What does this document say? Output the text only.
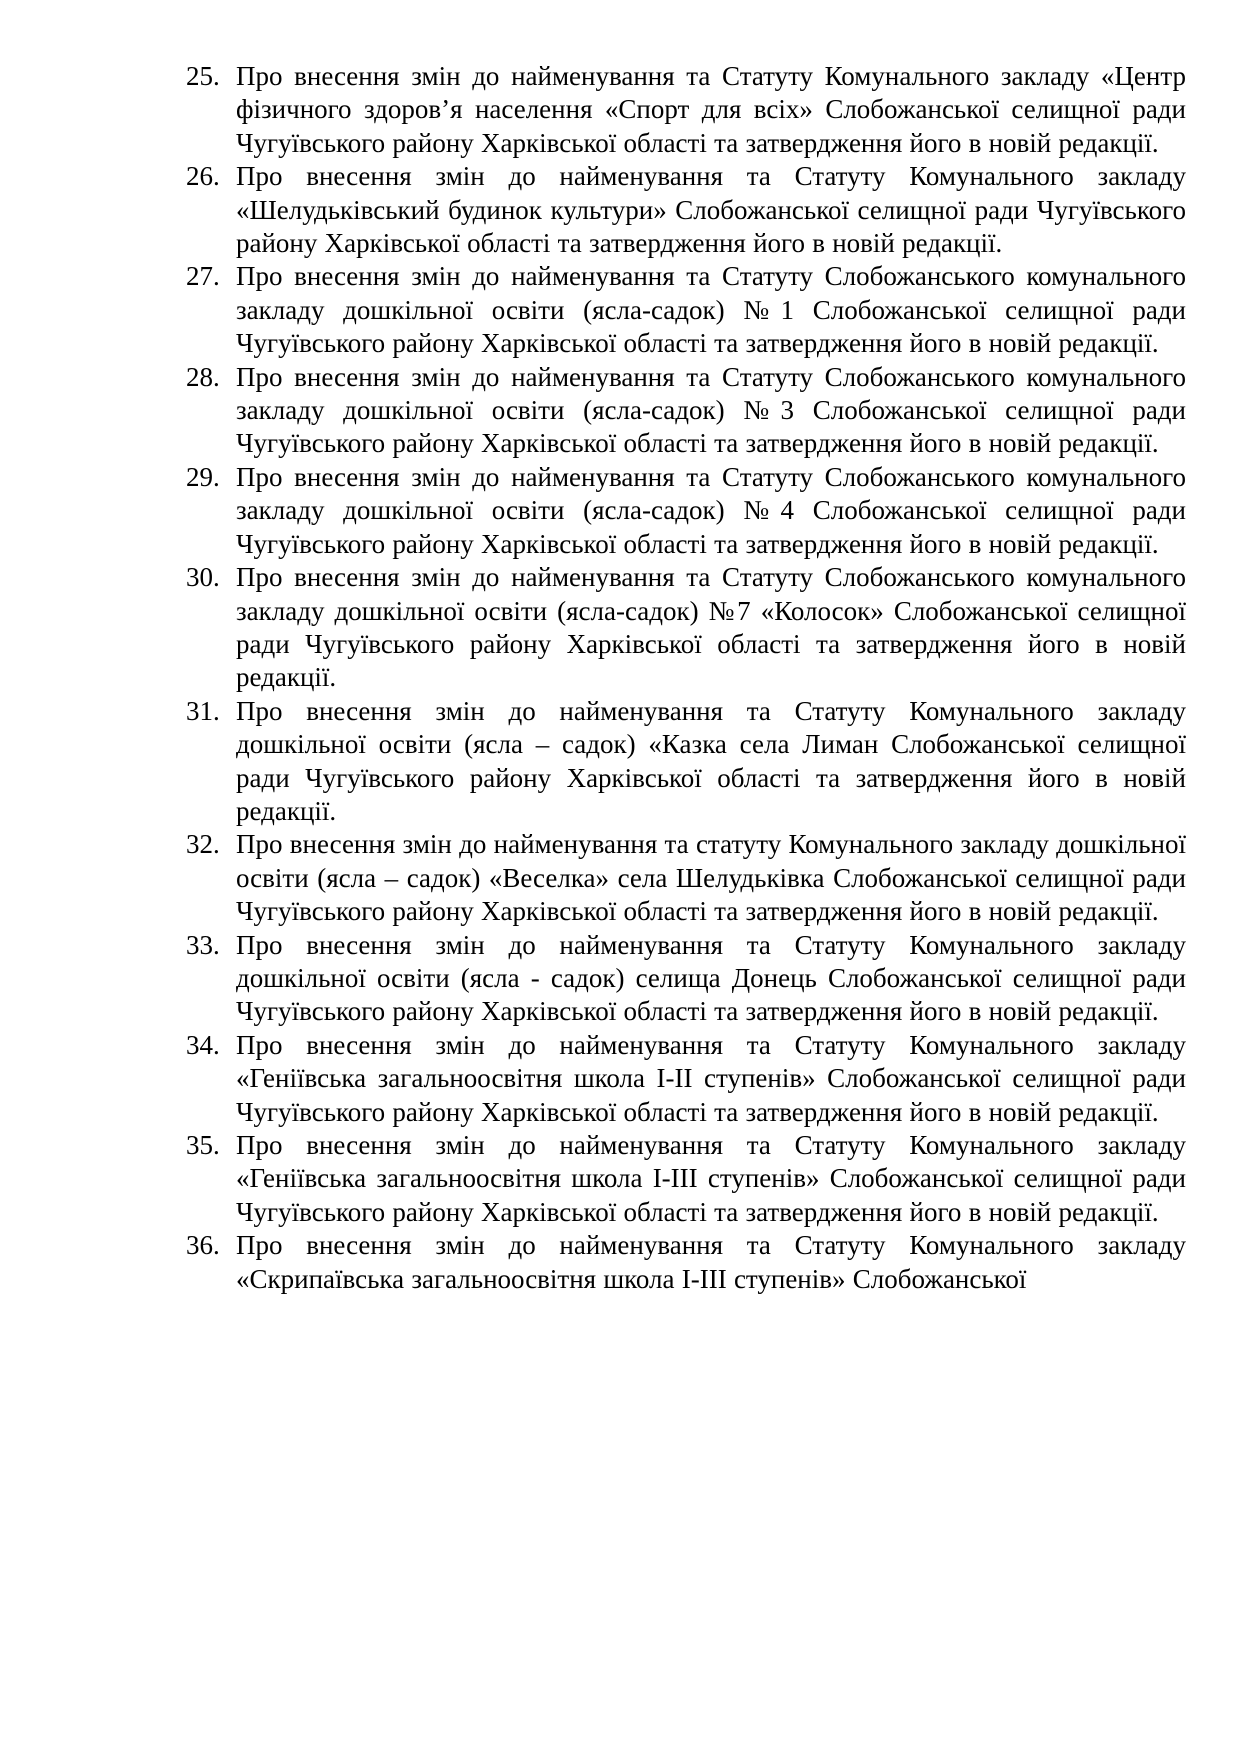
25. Про внесення змін до найменування та Статуту Комунального закладу «Центр фізичного здоров’я населення «Спорт для всіх» Слобожанської селищної ради Чугуївського району Харківської області та затвердження його в новій редакції.
26. Про внесення змін до найменування та Статуту Комунального закладу «Шелудьківський будинок культури» Слобожанської селищної ради Чугуївського району Харківської області та затвердження його в новій редакції.
27. Про внесення змін до найменування та Статуту Слобожанського комунального закладу дошкільної освіти (ясла-садок) №1 Слобожанської селищної ради Чугуївського району Харківської області та затвердження його в новій редакції.
28. Про внесення змін до найменування та Статуту Слобожанського комунального закладу дошкільної освіти (ясла-садок) №3 Слобожанської селищної ради Чугуївського району Харківської області та затвердження його в новій редакції.
29. Про внесення змін до найменування та Статуту Слобожанського комунального закладу дошкільної освіти (ясла-садок) №4 Слобожанської селищної ради Чугуївського району Харківської області та затвердження його в новій редакції.
30. Про внесення змін до найменування та Статуту Слобожанського комунального закладу дошкільної освіти (ясла-садок) №7 «Колосок» Слобожанської селищної ради Чугуївського району Харківської області та затвердження його в новій редакції.
31. Про внесення змін до найменування та Статуту Комунального закладу дошкільної освіти (ясла – садок) «Казка села Лиман Слобожанської селищної ради Чугуївського району Харківської області та затвердження його в новій редакції.
32. Про внесення змін до найменування та статуту Комунального закладу дошкільної освіти (ясла – садок) «Веселка» села Шелудьківка Слобожанської селищної ради Чугуївського району Харківської області та затвердження його в новій редакції.
33. Про внесення змін до найменування та Статуту Комунального закладу дошкільної освіти (ясла - садок) селища Донець Слобожанської селищної ради Чугуївського району Харківської області та затвердження його в новій редакції.
34. Про внесення змін до найменування та Статуту Комунального закладу «Геніївська загальноосвітня школа І-ІІ ступенів» Слобожанської селищної ради Чугуївського району Харківської області та затвердження його в новій редакції.
35. Про внесення змін до найменування та Статуту Комунального закладу «Геніївська загальноосвітня школа І-ІІІ ступенів» Слобожанської селищної ради Чугуївського району Харківської області та затвердження його в новій редакції.
36. Про внесення змін до найменування та Статуту Комунального закладу «Скрипаївська загальноосвітня школа І-ІІІ ступенів» Слобожанської
